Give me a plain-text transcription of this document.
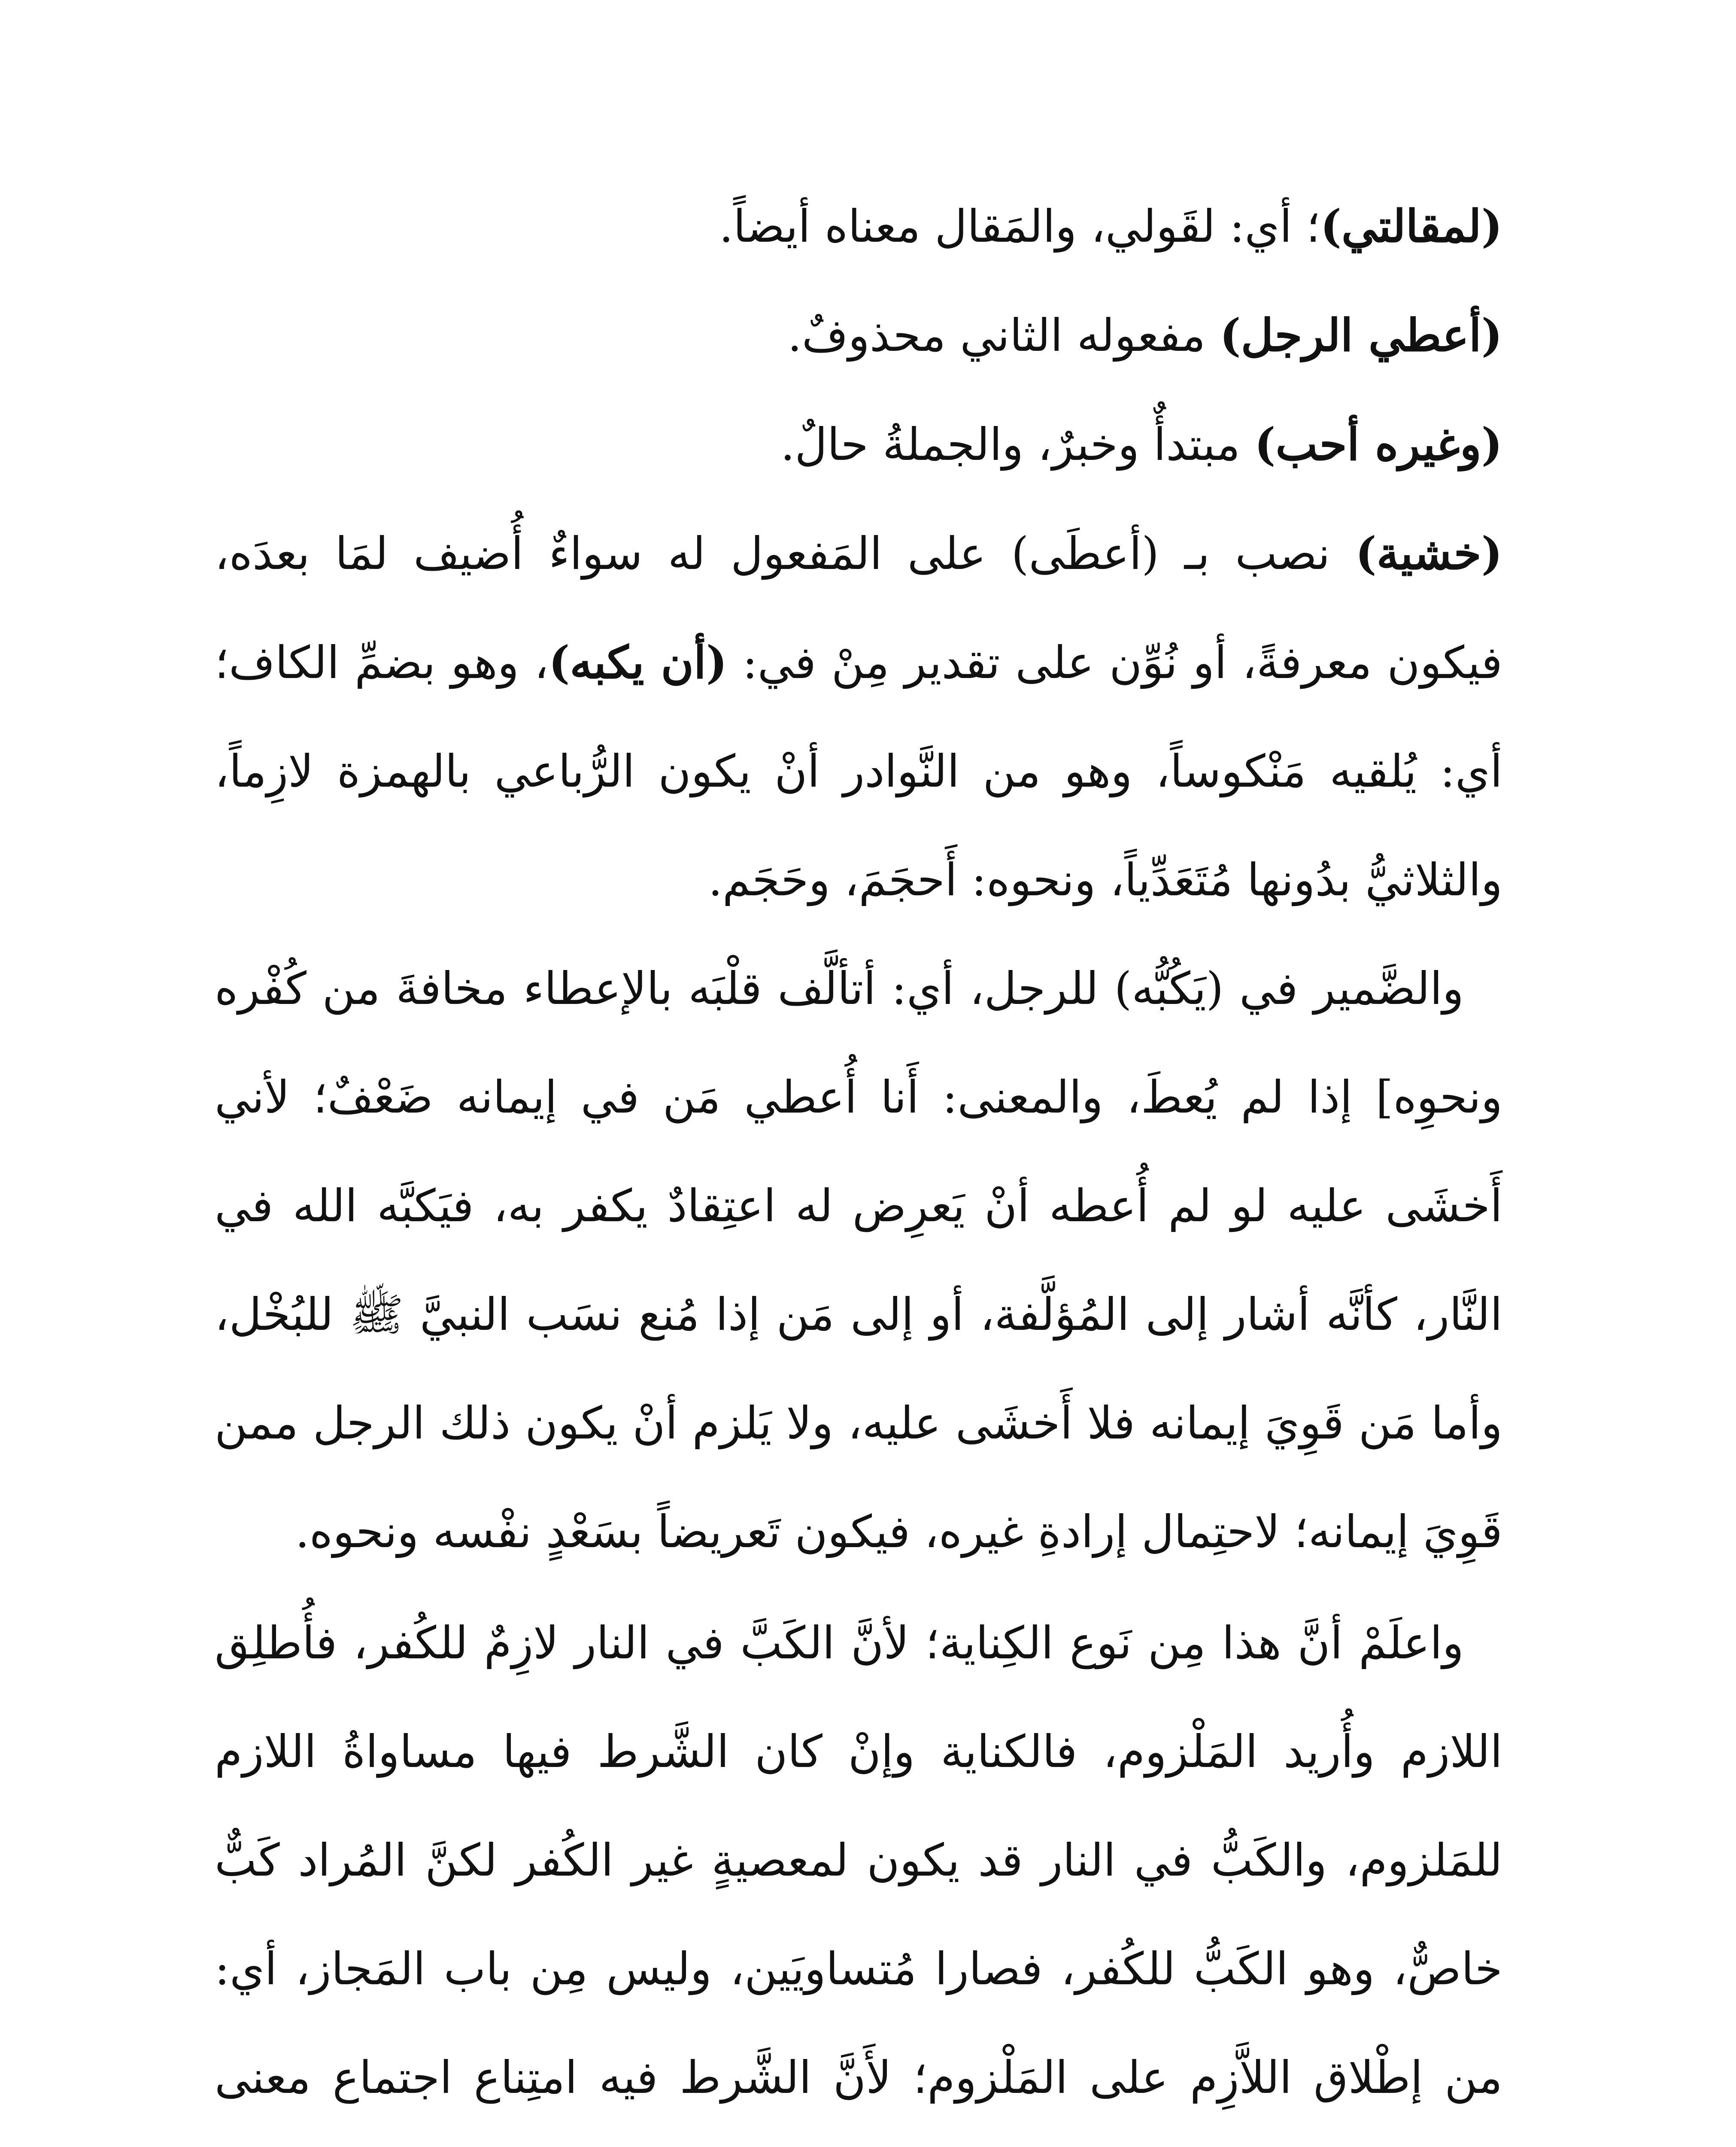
(لمقالتي)؛ أي: لقَولي، والمَقال معناه أيضاً.

(أعطي الرجل) مفعوله الثاني محذوفٌ.

(وغيره أحب) مبتدأٌ وخبرٌ، والجملةُ حالٌ.

(خشية) نصب بـ (أعطَى) على المَفعول له سواءٌ أُضيف لمَا بعدَه، فيكون معرفةً، أو نُوِّن على تقدير مِنْ في: (أن يكبه)، وهو بضمِّ الكاف؛ أي: يُلقيه مَنْكوساً، وهو من النَّوادر أنْ يكون الرُّباعي بالهمزة لازِماً، والثلاثيُّ بدُونها مُتَعَدِّياً، ونحوه: أَحجَمَ، وحَجَم.

والضَّمير في (يَكُبُّه) للرجل، أي: أتألَّف قلْبَه بالإعطاء مخافةَ من كُفْره ونحوِه] إذا لم يُعطَ، والمعنى: أَنا أُعطي مَن في إيمانه ضَعْفٌ؛ لأني أَخشَى عليه لو لم أُعطه أنْ يَعرِض له اعتِقادٌ يكفر به، فيَكبَّه الله في النَّار، كأنَّه أشار إلى المُؤلَّفة، أو إلى مَن إذا مُنع نسَب النبيَّ ﷺ للبُخْل، وأما مَن قَوِيَ إيمانه فلا أَخشَى عليه، ولا يَلزم أنْ يكون ذلك الرجل ممن قَوِيَ إيمانه؛ لاحتِمال إرادةِ غيره، فيكون تَعريضاً بسَعْدٍ نفْسه ونحوه.

واعلَمْ أنَّ هذا مِن نَوع الكِناية؛ لأنَّ الكَبَّ في النار لازِمٌ للكُفر، فأُطلِق اللازم وأُريد المَلْزوم، فالكناية وإنْ كان الشَّرط فيها مساواةُ اللازم للمَلزوم، والكَبُّ في النار قد يكون لمعصيةٍ غير الكُفر لكنَّ المُراد كَبٌّ خاصٌّ، وهو الكَبُّ للكُفر، فصارا مُتساويَين، وليس مِن باب المَجاز، أي: من إطْلاق اللاَّزِم على المَلْزوم؛ لأَنَّ الشَّرط فيه امتِناع اجتماع معنى
